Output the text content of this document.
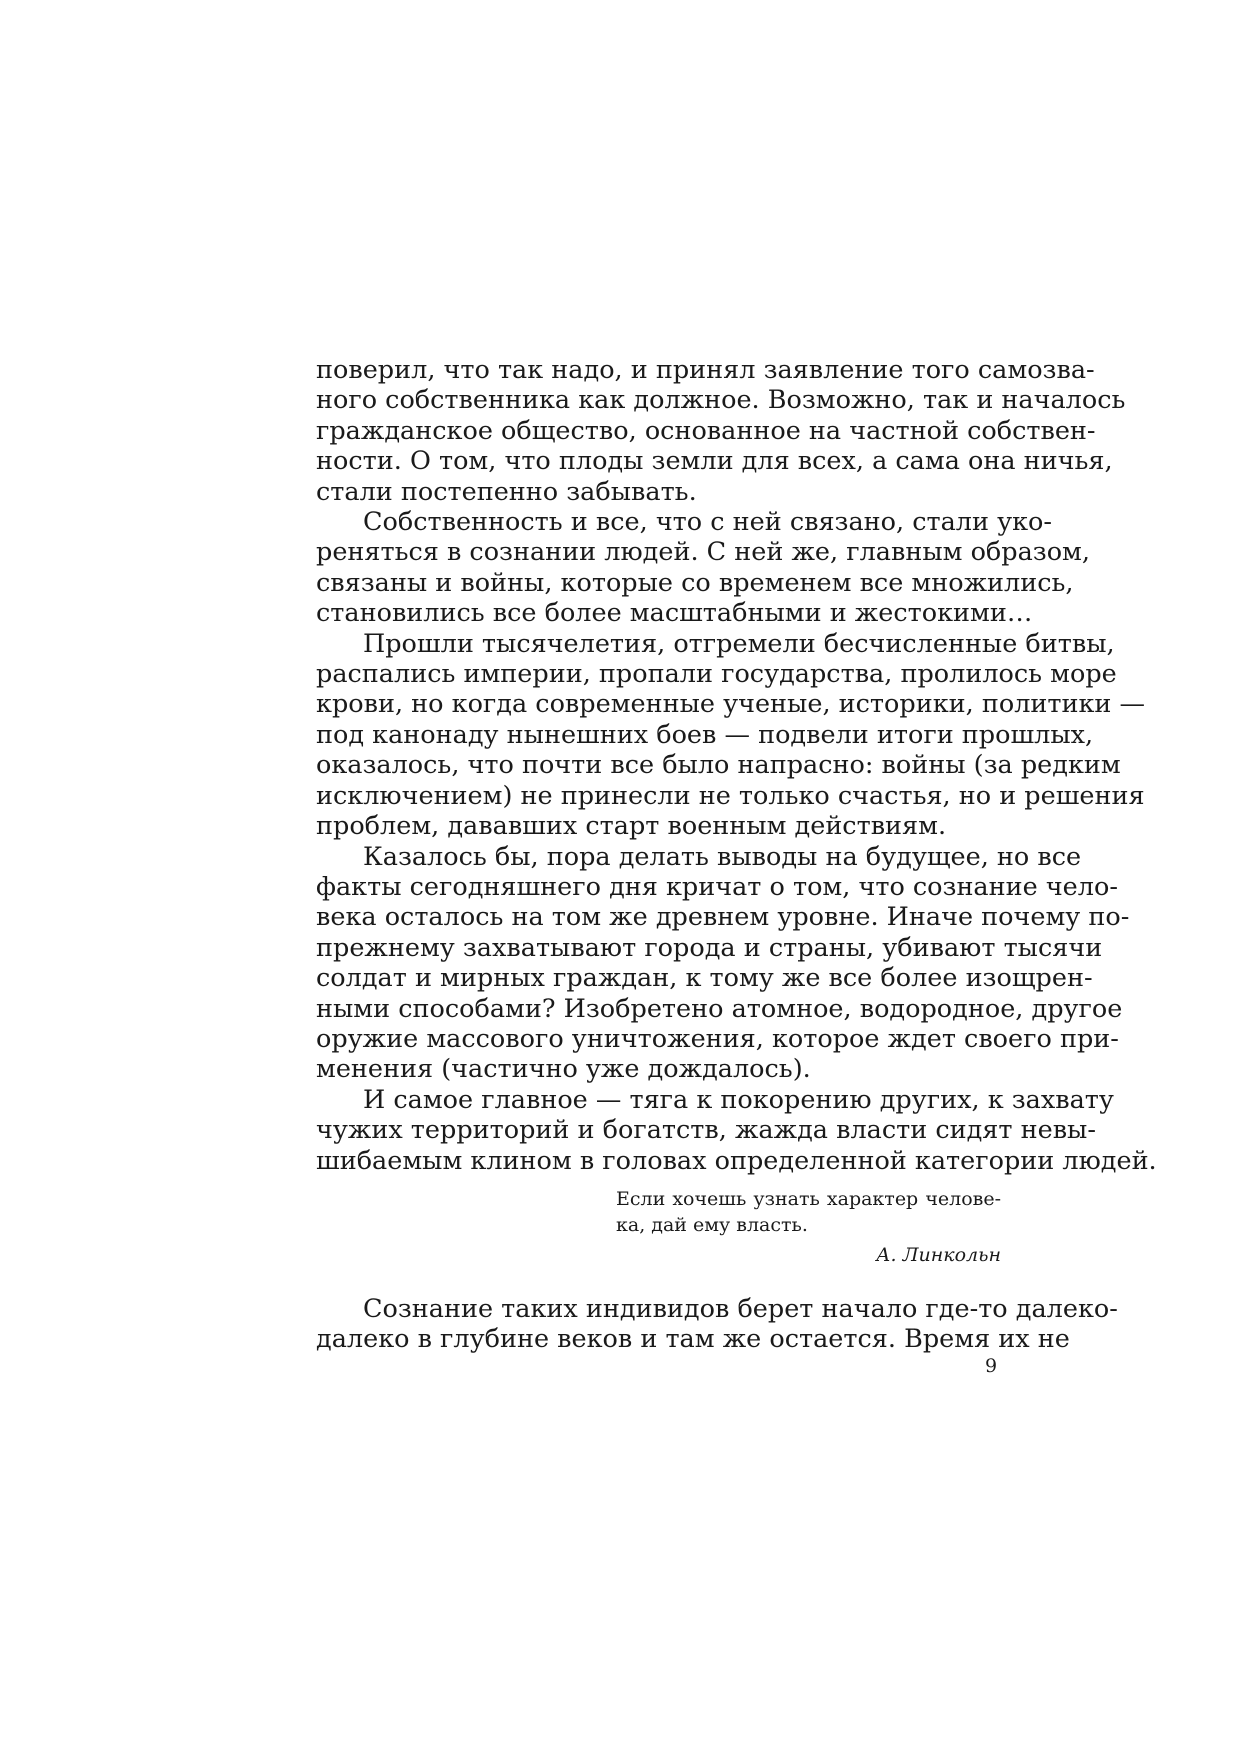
поверил, что так надо, и принял заявление того самозва-
ного собственника как должное. Возможно, так и началось
гражданское общество, основанное на частной собствен-
ности. О том, что плоды земли для всех, а сама она ничья,
стали постепенно забывать.

Собственность и все, что с ней связано, стали уко-
реняться в сознании людей. С ней же, главным образом,
связаны и войны, которые со временем все множились,
становились все более масштабными и жестокими…

Прошли тысячелетия, отгремели бесчисленные битвы,
распались империи, пропали государства, пролилось море
крови, но когда современные ученые, историки, политики —
под канонаду нынешних боев — подвели итоги прошлых,
оказалось, что почти все было напрасно: войны (за редким
исключением) не принесли не только счастья, но и решения
проблем, дававших старт военным действиям.

Казалось бы, пора делать выводы на будущее, но все
факты сегодняшнего дня кричат о том, что сознание чело-
века осталось на том же древнем уровне. Иначе почему по-
прежнему захватывают города и страны, убивают тысячи
солдат и мирных граждан, к тому же все более изощрен-
ными способами? Изобретено атомное, водородное, другое
оружие массового уничтожения, которое ждет своего при-
менения (частично уже дождалось).

И самое главное — тяга к покорению других, к захвату
чужих территорий и богатств, жажда власти сидят невы-
шибаемым клином в головах определенной категории людей.

Если хочешь узнать характер челове-
ка, дай ему власть.
А. Линкольн

Сознание таких индивидов берет начало где-то далеко-
далеко в глубине веков и там же остается. Время их не

9
